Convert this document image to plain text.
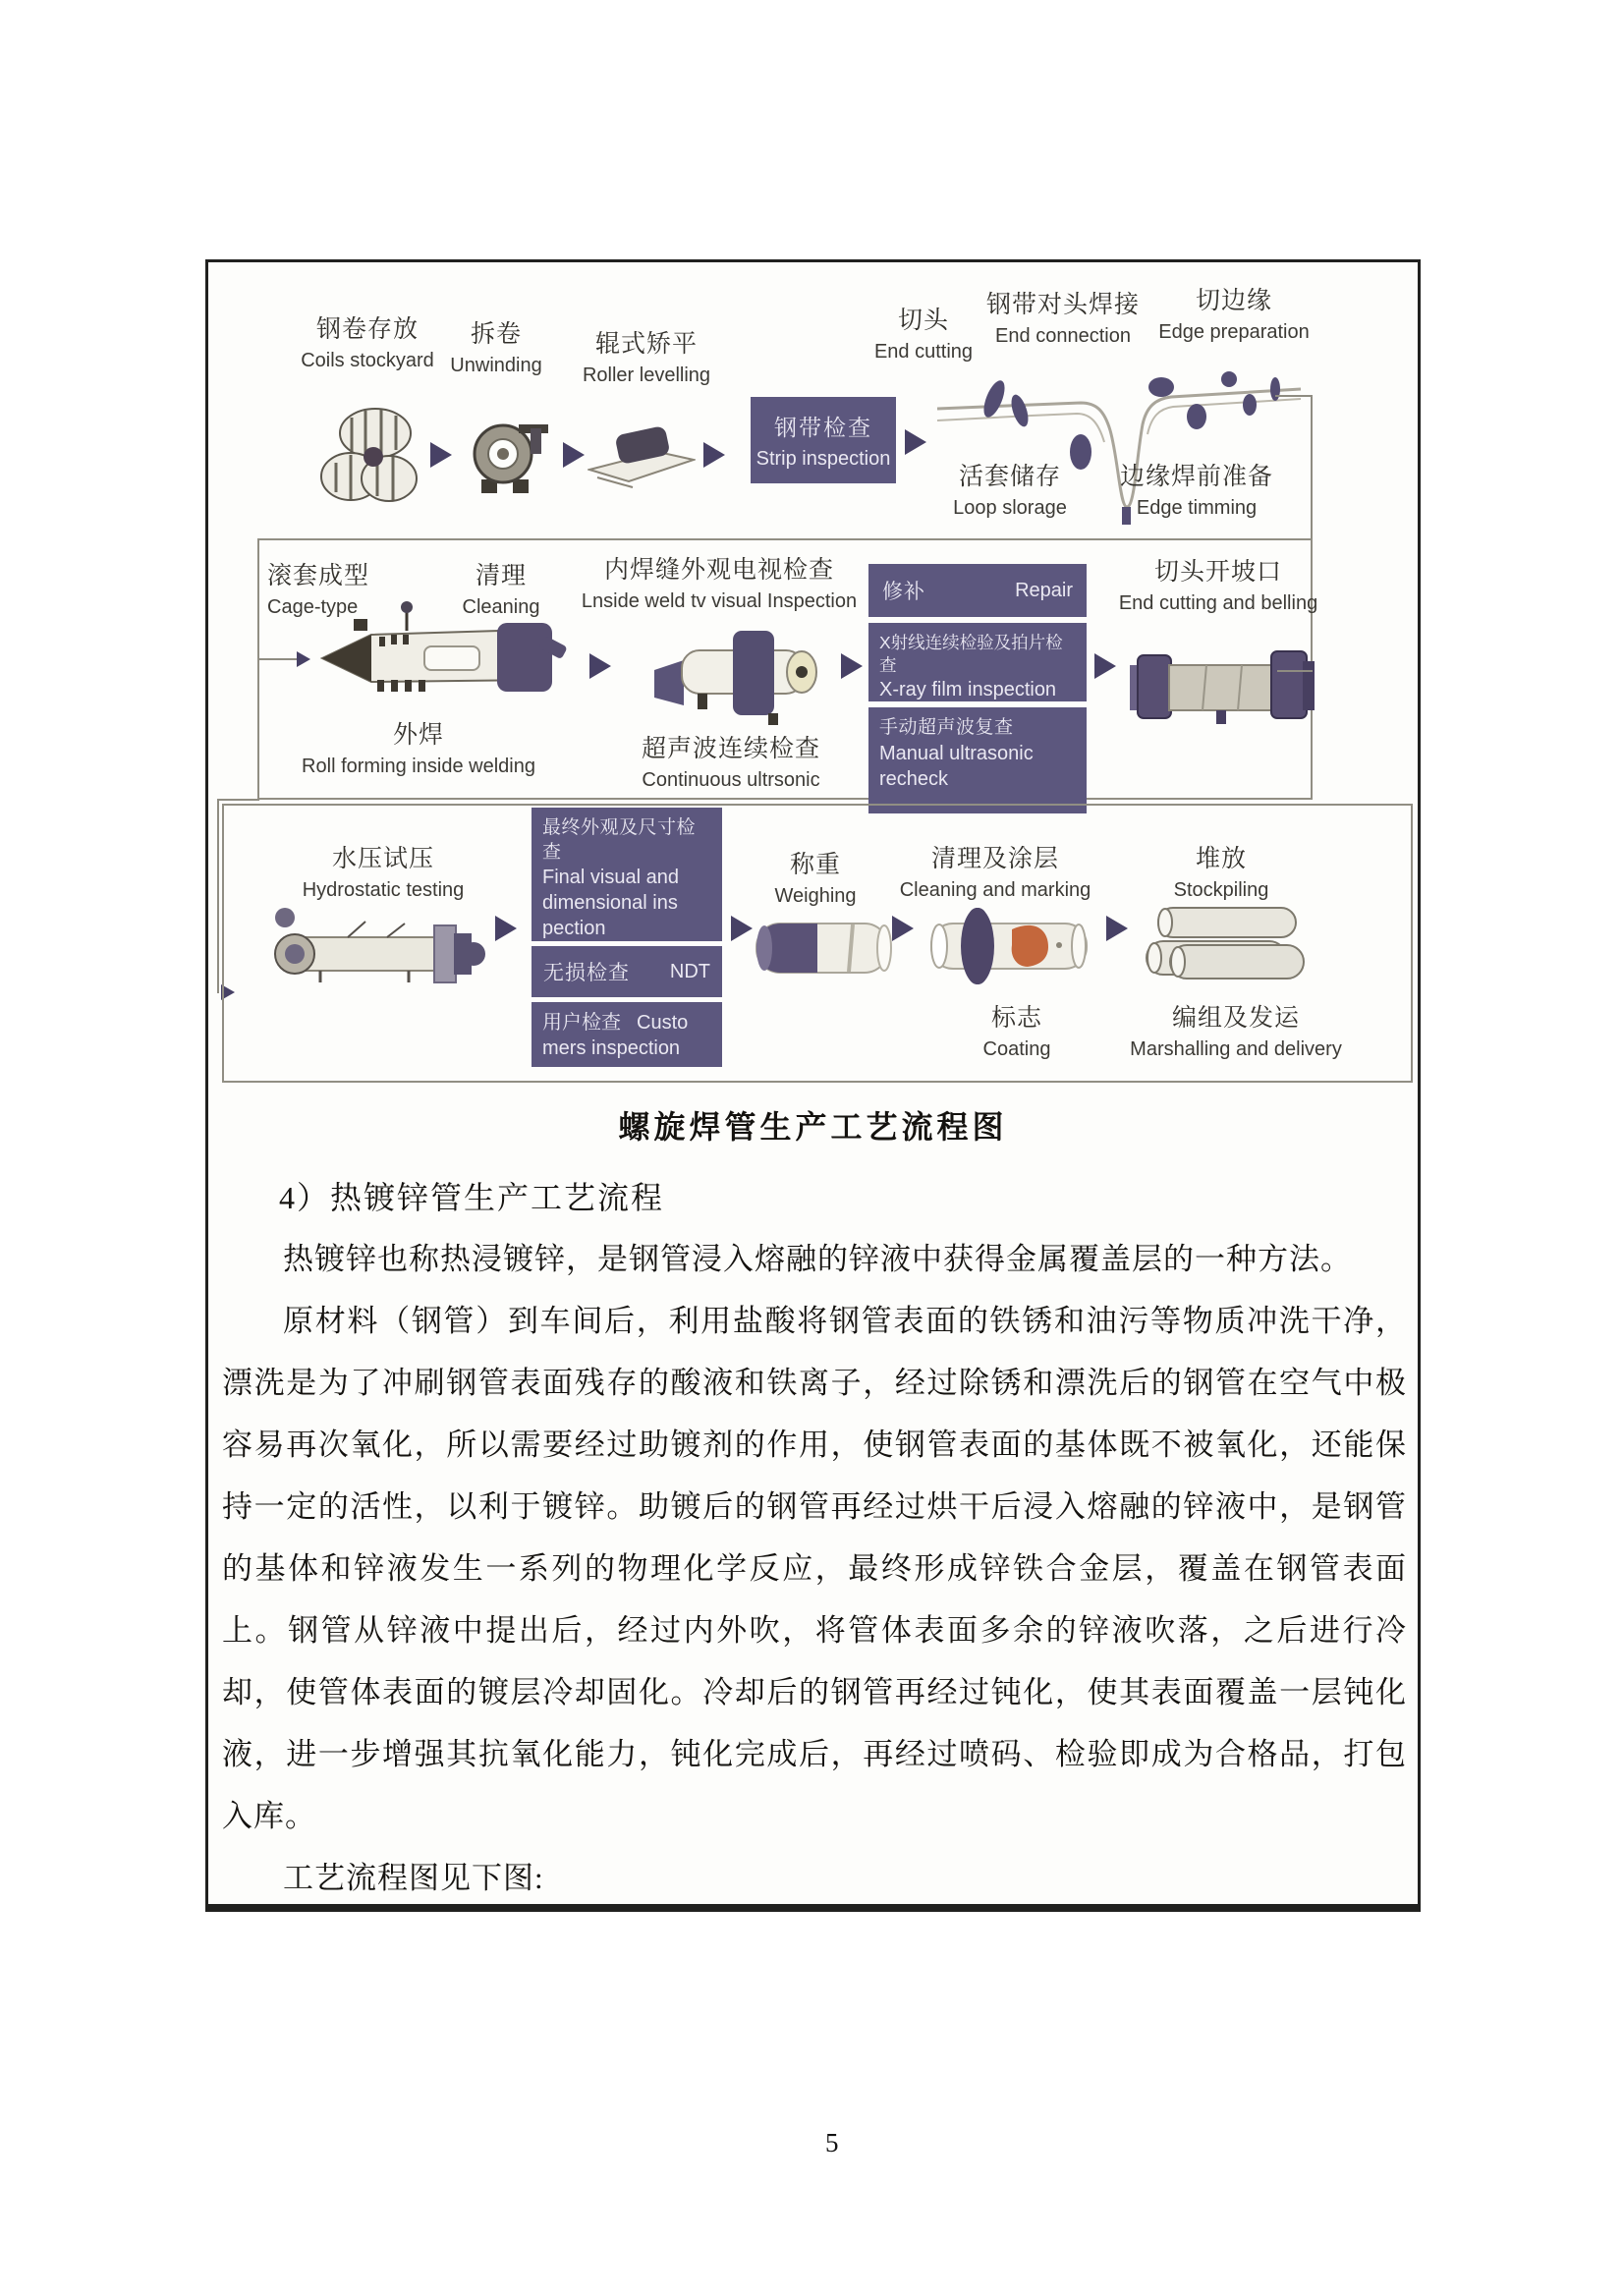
钢卷存放
Coils stockyard
拆卷
Unwinding
辊式矫平
Roller levelling
钢带检查
Strip inspection
切头
End cutting
钢带对头焊接
End connection
切边缘
Edge preparation
活套储存
Loop slorage
边缘焊前准备
Edge timming
滚套成型
Cage-type
清理
Cleaning
内焊缝外观电视检查
Lnside weld tv visual Inspection
外焊
Roll forming inside welding
超声波连续检查
Continuous ultrsonic
修补	Repair
X射线连续检验及拍片检查
X-ray film inspection
手动超声波复查
Manual ultrasonic recheck
切头开坡口
End cutting and belling
水压试压
Hydrostatic testing
最终外观及尺寸检查
Final visual and dimensional ins pection
无损检查 NDT
用户检查 Custo mers inspection
称重
Weighing
清理及涂层
Cleaning and marking
标志
Coating
堆放
Stockpiling
编组及发运
Marshalling and delivery
螺旋焊管生产工艺流程图
4）热镀锌管生产工艺流程

热镀锌也称热浸镀锌，是钢管浸入熔融的锌液中获得金属覆盖层的一种方法。

原材料（钢管）到车间后，利用盐酸将钢管表面的铁锈和油污等物质冲洗干净，漂洗是为了冲刷钢管表面残存的酸液和铁离子，经过除锈和漂洗后的钢管在空气中极容易再次氧化，所以需要经过助镀剂的作用，使钢管表面的基体既不被氧化，还能保持一定的活性，以利于镀锌。助镀后的钢管再经过烘干后浸入熔融的锌液中，是钢管的基体和锌液发生一系列的物理化学反应，最终形成锌铁合金层，覆盖在钢管表面上。钢管从锌液中提出后，经过内外吹，将管体表面多余的锌液吹落，之后进行冷却，使管体表面的镀层冷却固化。冷却后的钢管再经过钝化，使其表面覆盖一层钝化液，进一步增强其抗氧化能力，钝化完成后，再经过喷码、检验即成为合格品，打包入库。

工艺流程图见下图:

5
